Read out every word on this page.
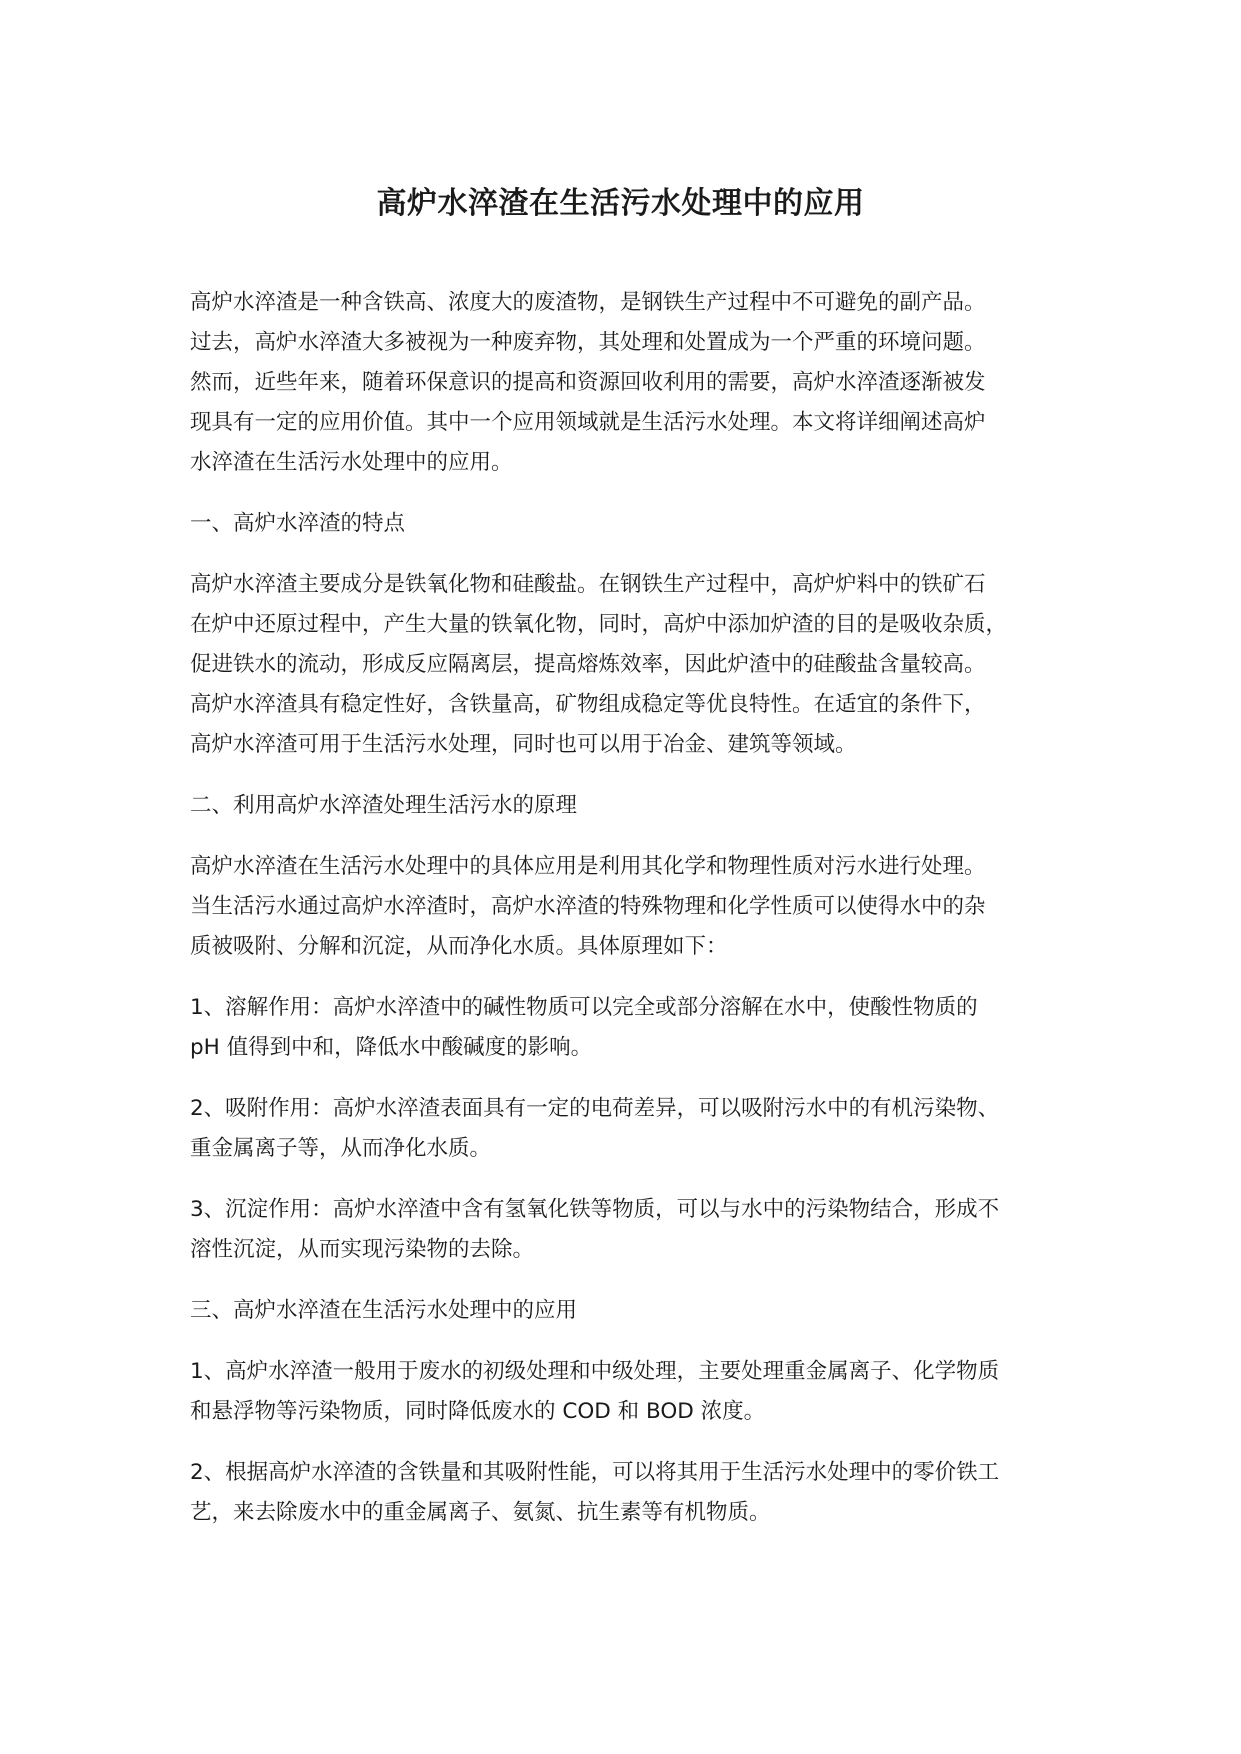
高炉水淬渣在生活污水处理中的应用
高炉水淬渣是一种含铁高、浓度大的废渣物，是钢铁生产过程中不可避免的副产品。
过去，高炉水淬渣大多被视为一种废弃物，其处理和处置成为一个严重的环境问题。
然而，近些年来，随着环保意识的提高和资源回收利用的需要，高炉水淬渣逐渐被发
现具有一定的应用价值。其中一个应用领域就是生活污水处理。本文将详细阐述高炉
水淬渣在生活污水处理中的应用。
一、高炉水淬渣的特点
高炉水淬渣主要成分是铁氧化物和硅酸盐。在钢铁生产过程中，高炉炉料中的铁矿石
在炉中还原过程中，产生大量的铁氧化物，同时，高炉中添加炉渣的目的是吸收杂质，
促进铁水的流动，形成反应隔离层，提高熔炼效率，因此炉渣中的硅酸盐含量较高。
高炉水淬渣具有稳定性好，含铁量高，矿物组成稳定等优良特性。在适宜的条件下，
高炉水淬渣可用于生活污水处理，同时也可以用于冶金、建筑等领域。
二、利用高炉水淬渣处理生活污水的原理
高炉水淬渣在生活污水处理中的具体应用是利用其化学和物理性质对污水进行处理。
当生活污水通过高炉水淬渣时，高炉水淬渣的特殊物理和化学性质可以使得水中的杂
质被吸附、分解和沉淀，从而净化水质。具体原理如下：
1、溶解作用：高炉水淬渣中的碱性物质可以完全或部分溶解在水中，使酸性物质的
pH 值得到中和，降低水中酸碱度的影响。
2、吸附作用：高炉水淬渣表面具有一定的电荷差异，可以吸附污水中的有机污染物、
重金属离子等，从而净化水质。
3、沉淀作用：高炉水淬渣中含有氢氧化铁等物质，可以与水中的污染物结合，形成不
溶性沉淀，从而实现污染物的去除。
三、高炉水淬渣在生活污水处理中的应用
1、高炉水淬渣一般用于废水的初级处理和中级处理，主要处理重金属离子、化学物质
和悬浮物等污染物质，同时降低废水的 COD 和 BOD 浓度。
2、根据高炉水淬渣的含铁量和其吸附性能，可以将其用于生活污水处理中的零价铁工
艺，来去除废水中的重金属离子、氨氮、抗生素等有机物质。
